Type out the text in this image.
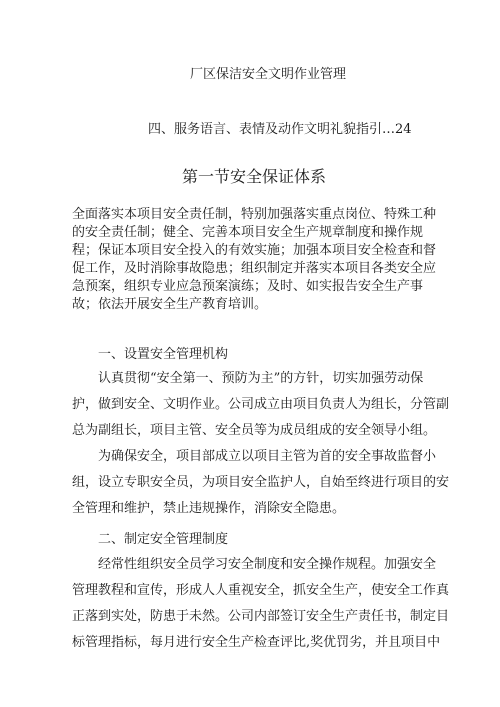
厂区保洁安全文明作业管理
四、服务语言、表情及动作文明礼貌指引…24
第一节安全保证体系
全面落实本项目安全责任制，特别加强落实重点岗位、特殊工种
的安全责任制；健全、完善本项目安全生产规章制度和操作规
程；保证本项目安全投入的有效实施；加强本项目安全检查和督
促工作，及时消除事故隐患；组织制定并落实本项目各类安全应
急预案，组织专业应急预案演练；及时、如实报告安全生产事
故；依法开展安全生产教育培训。
一、设置安全管理机构
认真贯彻“安全第一、预防为主”的方针，切实加强劳动保
护，做到安全、文明作业。公司成立由项目负责人为组长，分管副
总为副组长，项目主管、安全员等为成员组成的安全领导小组。
为确保安全，项目部成立以项目主管为首的安全事故监督小
组，设立专职安全员，为项目安全监护人，自始至终进行项目的安
全管理和维护，禁止违规操作，消除安全隐患。
二、制定安全管理制度
经常性组织安全员学习安全制度和安全操作规程。加强安全
管理教程和宣传，形成人人重视安全，抓安全生产，使安全工作真
正落到实处，防患于未然。公司内部签订安全生产责任书，制定目
标管理指标，每月进行安全生产检查评比,奖优罚劣，并且项目中
